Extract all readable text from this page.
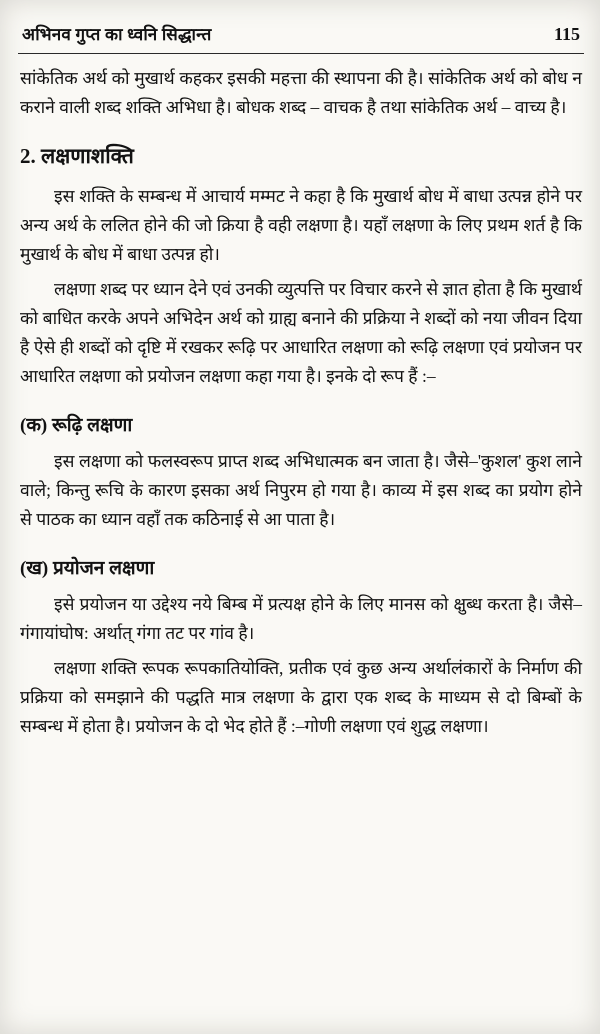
अभिनव गुप्त का ध्वनि सिद्धान्त	115

सांकेतिक अर्थ को मुखार्थ कहकर इसकी महत्ता की स्थापना की है। सांकेतिक अर्थ को बोध न कराने वाली शब्द शक्ति अभिधा है। बोधक शब्द – वाचक है तथा सांकेतिक अर्थ – वाच्य है।

2. लक्षणाशक्ति

इस शक्ति के सम्बन्ध में आचार्य मम्मट ने कहा है कि मुखार्थ बोध में बाधा उत्पन्न होने पर अन्य अर्थ के ललित होने की जो क्रिया है वही लक्षणा है। यहाँ लक्षणा के लिए प्रथम शर्त है कि मुखार्थ के बोध में बाधा उत्पन्न हो।

लक्षणा शब्द पर ध्यान देने एवं उनकी व्युत्पत्ति पर विचार करने से ज्ञात होता है कि मुखार्थ को बाधित करके अपने अभिदेन अर्थ को ग्राह्य बनाने की प्रक्रिया ने शब्दों को नया जीवन दिया है ऐसे ही शब्दों को दृष्टि में रखकर रूढ़ि पर आधारित लक्षणा को रूढ़ि लक्षणा एवं प्रयोजन पर आधारित लक्षणा को प्रयोजन लक्षणा कहा गया है। इनके दो रूप हैं :–

(क) रूढ़ि लक्षणा

इस लक्षणा को फलस्वरूप प्राप्त शब्द अभिधात्मक बन जाता है। जैसे–'कुशल' कुश लाने वाले; किन्तु रूचि के कारण इसका अर्थ निपुरम हो गया है। काव्य में इस शब्द का प्रयोग होने से पाठक का ध्यान वहाँ तक कठिनाई से आ पाता है।

(ख) प्रयोजन लक्षणा

इसे प्रयोजन या उद्देश्य नये बिम्ब में प्रत्यक्ष होने के लिए मानस को क्षुब्ध करता है। जैसे–गंगायांघोष: अर्थात् गंगा तट पर गांव है।

लक्षणा शक्ति रूपक रूपकातियोक्ति, प्रतीक एवं कुछ अन्य अर्थालंकारों के निर्माण की प्रक्रिया को समझाने की पद्धति मात्र लक्षणा के द्वारा एक शब्द के माध्यम से दो बिम्बों के सम्बन्ध में होता है। प्रयोजन के दो भेद होते हैं :–गोणी लक्षणा एवं शुद्ध लक्षणा।
